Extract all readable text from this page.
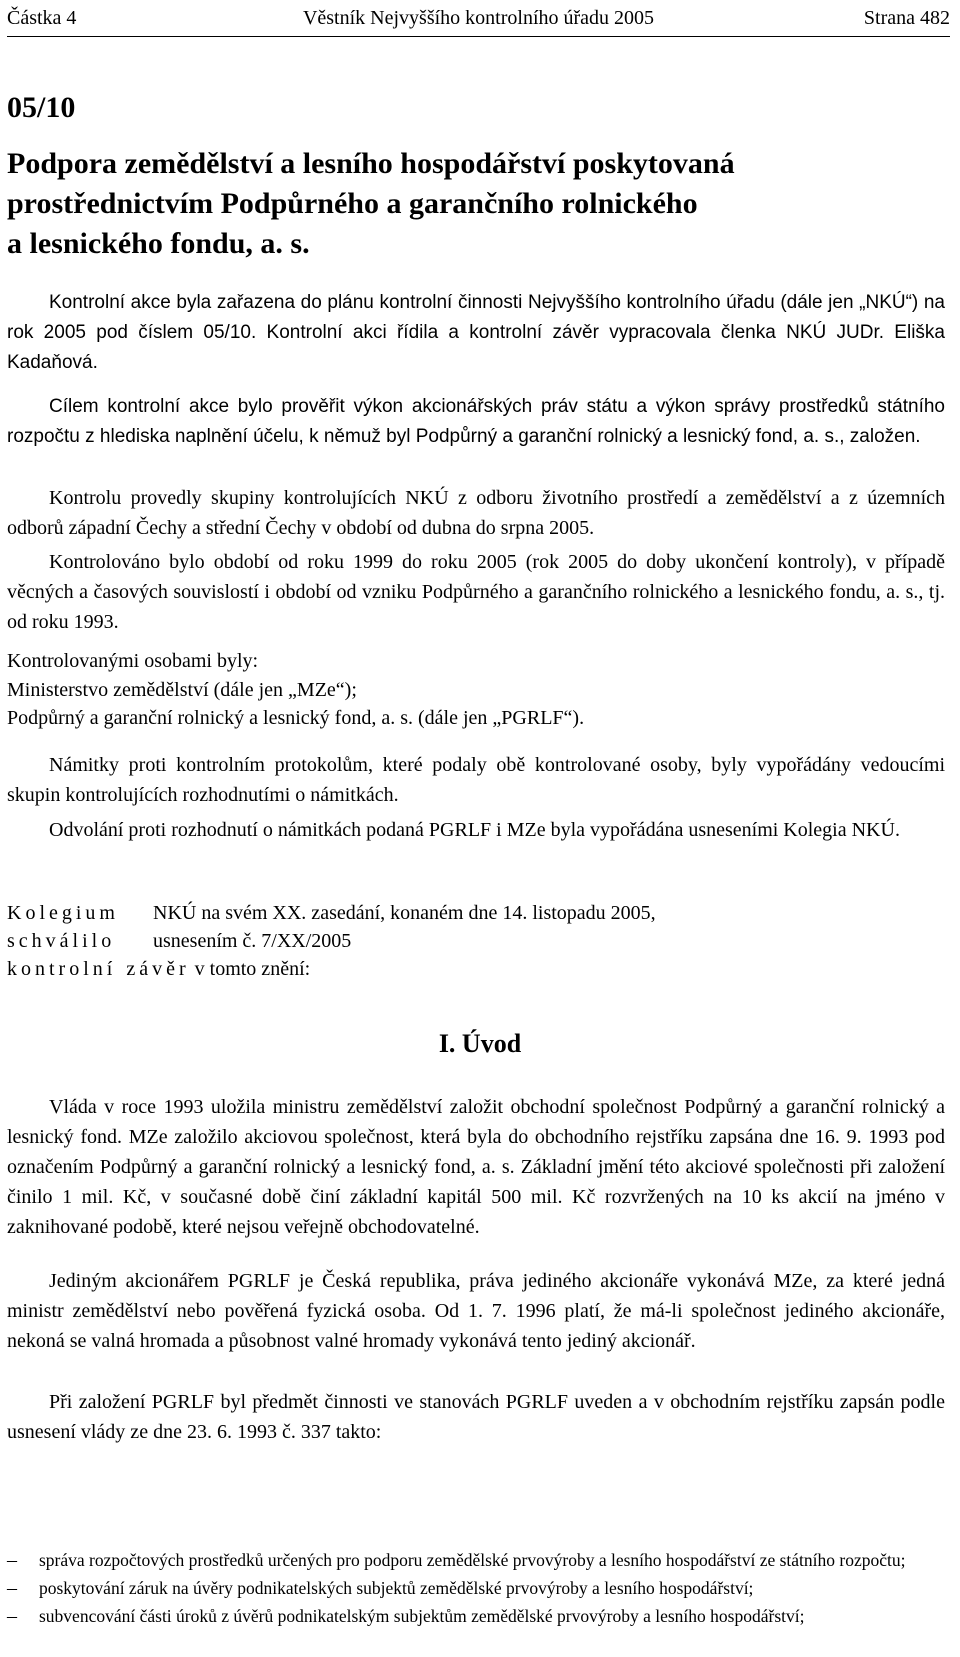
Částka 4	Věstník Nejvyššího kontrolního úřadu 2005	Strana 482
05/10
Podpora zemědělství a lesního hospodářství poskytovaná
prostřednictvím Podpůrného a garančního rolnického
a lesnického fondu, a. s.
Kontrolní akce byla zařazena do plánu kontrolní činnosti Nejvyššího kontrolního úřadu (dále jen „NKÚ“) na rok 2005 pod číslem 05/10. Kontrolní akci řídila a kontrolní závěr vypracovala členka NKÚ JUDr. Eliška Kadaňová.
Cílem kontrolní akce bylo prověřit výkon akcionářských práv státu a výkon správy prostředků státního rozpočtu z hlediska naplnění účelu, k němuž byl Podpůrný a garanční rolnický a lesnický fond, a. s., založen.
Kontrolu provedly skupiny kontrolujících NKÚ z odboru životního prostředí a zemědělství a z územních odborů západní Čechy a střední Čechy v období od dubna do srpna 2005.
Kontrolováno bylo období od roku 1999 do roku 2005 (rok 2005 do doby ukončení kontroly), v případě věcných a časových souvislostí i období od vzniku Podpůrného a garančního rolnického a lesnického fondu, a. s., tj. od roku 1993.
Kontrolovanými osobami byly:
Ministerstvo zemědělství (dále jen „MZe“);
Podpůrný a garanční rolnický a lesnický fond, a. s. (dále jen „PGRLF“).
Námitky proti kontrolním protokolům, které podaly obě kontrolované osoby, byly vypořádány vedoucími skupin kontrolujících rozhodnutími o námitkách.
Odvolání proti rozhodnutí o námitkách podaná PGRLF i MZe byla vypořádána usneseními Kolegia NKÚ.
Kolegium NKÚ na svém XX. zasedání, konaném dne 14. listopadu 2005,
schválilo usnesením č. 7/XX/2005
kontrolní závěr v tomto znění:
I. Úvod
Vláda v roce 1993 uložila ministru zemědělství založit obchodní společnost Podpůrný a garanční rolnický a lesnický fond. MZe založilo akciovou společnost, která byla do obchodního rejstříku zapsána dne 16. 9. 1993 pod označením Podpůrný a garanční rolnický a lesnický fond, a. s. Základní jmění této akciové společnosti při založení činilo 1 mil. Kč, v současné době činí základní kapitál 500 mil. Kč rozvržených na 10 ks akcií na jméno v zaknihované podobě, které nejsou veřejně obchodovatelné.
Jediným akcionářem PGRLF je Česká republika, práva jediného akcionáře vykonává MZe, za které jedná ministr zemědělství nebo pověřená fyzická osoba. Od 1. 7. 1996 platí, že má-li společnost jediného akcionáře, nekoná se valná hromada a působnost valné hromady vykonává tento jediný akcionář.
Při založení PGRLF byl předmět činnosti ve stanovách PGRLF uveden a v obchodním rejstříku zapsán podle usnesení vlády ze dne 23. 6. 1993 č. 337 takto:
– správa rozpočtových prostředků určených pro podporu zemědělské prvovýroby a lesního hospodářství ze státního rozpočtu;
– poskytování záruk na úvěry podnikatelských subjektů zemědělské prvovýroby a lesního hospodářství;
– subvencování části úroků z úvěrů podnikatelským subjektům zemědělské prvovýroby a lesního hospodářství;
